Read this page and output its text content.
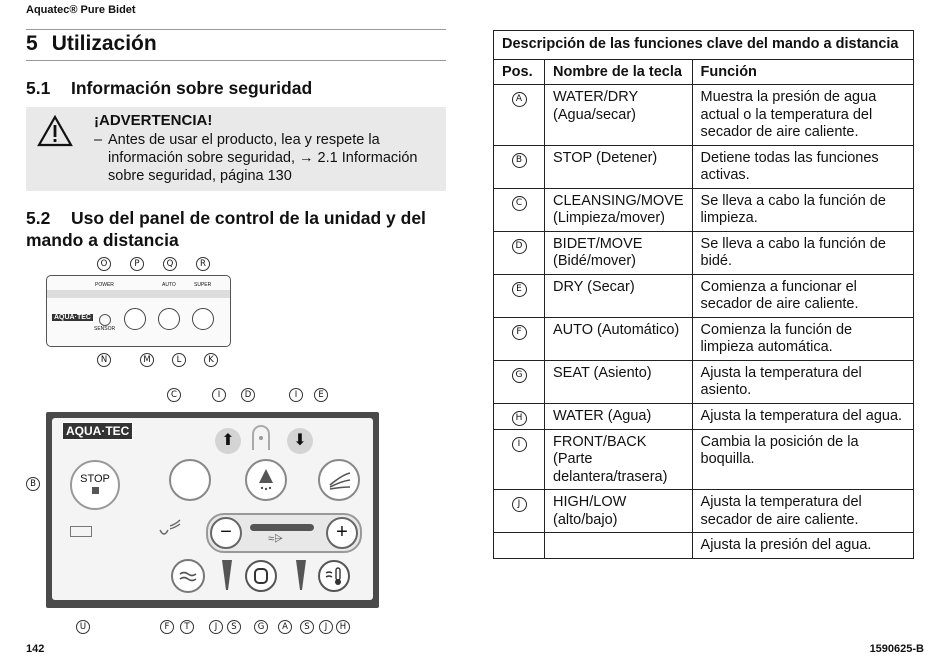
Aquatec® Pure Bidet
5 Utilización
5.1 Información sobre seguridad
¡ADVERTENCIA!
– Antes de usar el producto, lea y respete la información sobre seguridad, → 2.1 Información sobre seguridad, página 130
5.2 Uso del panel de control de la unidad y del mando a distancia
POWER	AUTO	SUPER
AQUA·TEC
SENSOR
O	P	Q	R
N	M	L	K
AQUA·TEC
STOP
⬆	⬇
−	+
≈⩥
C	I	D	I	E
B
U	F	T	J	S	G	A	S	J	H
Descripción de las funciones clave del mando a distancia		
Pos.	Nombre de la tecla	Función
A	WATER/DRY (Agua/secar)	Muestra la presión de agua actual o la temperatura del secador de aire caliente.
B	STOP (Detener)	Detiene todas las funciones activas.
C	CLEANSING/MOVE (Limpieza/mover)	Se lleva a cabo la función de limpieza.
D	BIDET/MOVE (Bidé/mover)	Se lleva a cabo la función de bidé.
E	DRY (Secar)	Comienza a funcionar el secador de aire caliente.
F	AUTO (Automático)	Comienza la función de limpieza automática.
G	SEAT (Asiento)	Ajusta la temperatura del asiento.
H	WATER (Agua)	Ajusta la temperatura del agua.
I	FRONT/BACK (Parte delantera/trasera)	Cambia la posición de la boquilla.
J	HIGH/LOW (alto/bajo)	Ajusta la temperatura del secador de aire caliente.
		Ajusta la presión del agua.
142	1590625-B
